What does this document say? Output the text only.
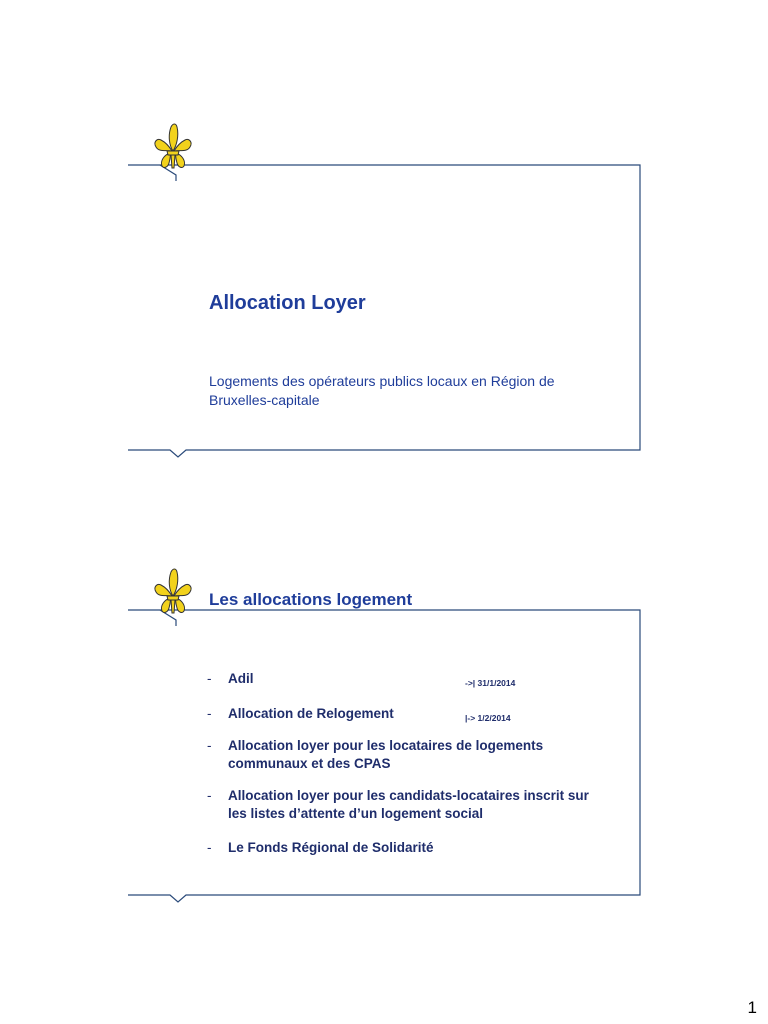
Allocation Loyer

Logements des opérateurs publics locaux en Région de Bruxelles-capitale

Les allocations logement
- Adil	->| 31/1/2014
- Allocation de Relogement	|-> 1/2/2014
- Allocation loyer pour les locataires de logements communaux et des CPAS
- Allocation loyer pour les candidats-locataires inscrit sur les listes d’attente d’un logement social
- Le Fonds Régional de Solidarité
1
